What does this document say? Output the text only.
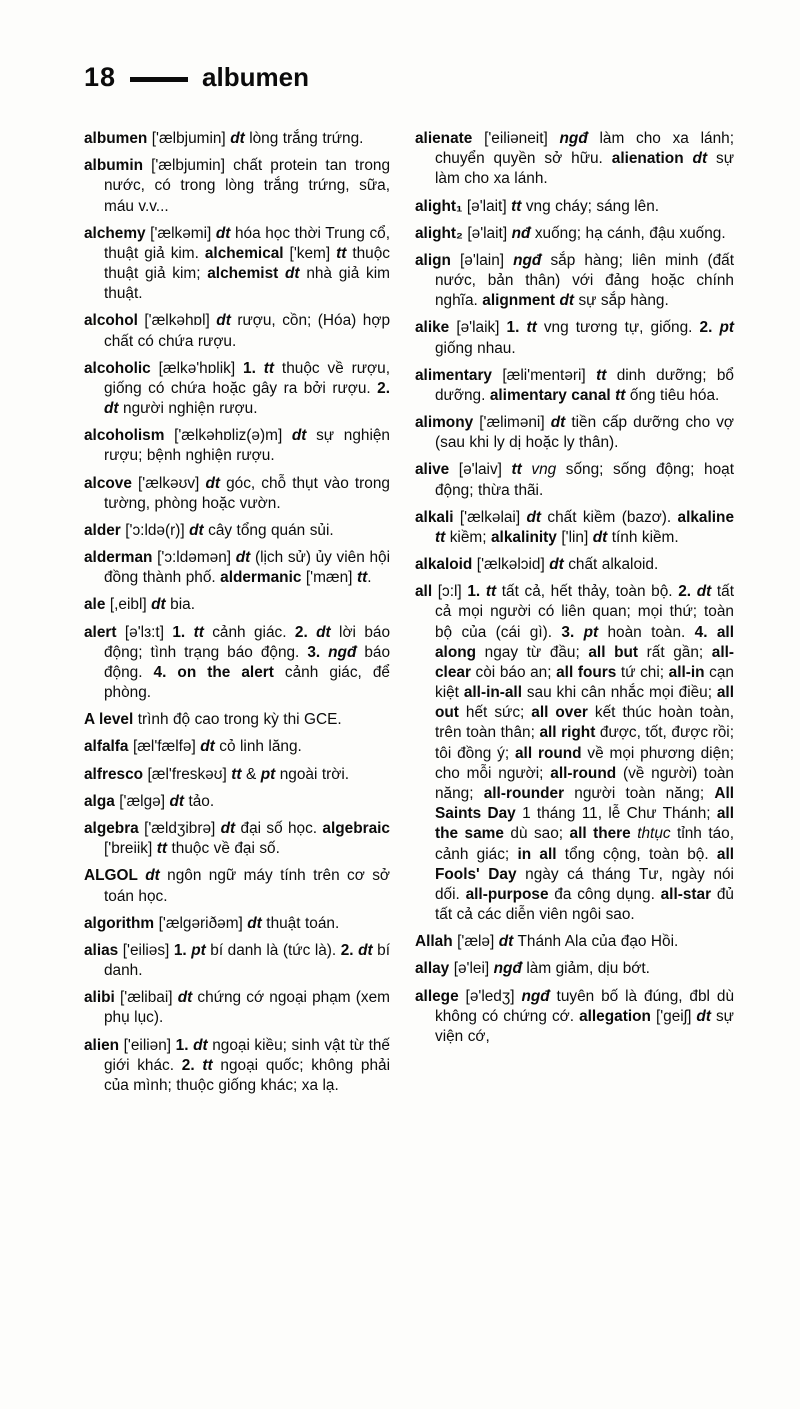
18	albumen
albumen ['ælbjumin] dt lòng trắng trứng.
albumin ['ælbjumin] chất protein tan trong nước, có trong lòng trắng trứng, sữa, máu v.v...
alchemy ['ælkəmi] dt hóa học thời Trung cổ, thuật giả kim. alchemical ['kem] tt thuộc thuật giả kim; alchemist dt nhà giả kim thuật.
alcohol ['ælkəhɒl] dt rượu, cồn; (Hóa) hợp chất có chứa rượu.
alcoholic [ælkə'hɒlik] 1. tt thuộc về rượu, giống có chứa hoặc gây ra bởi rượu. 2. dt người nghiện rượu.
alcoholism ['ælkəhɒliz(ə)m] dt sự nghiện rượu; bệnh nghiện rượu.
alcove ['ælkəʊv] dt góc, chỗ thụt vào trong tường, phòng hoặc vườn.
alder ['ɔ:ldə(r)] dt cây tổng quán sủi.
alderman ['ɔ:ldəmən] dt (lịch sử) ủy viên hội đồng thành phố. aldermanic ['mæn] tt.
ale [,eibl] dt bia.
alert [ə'lɜ:t] 1. tt cảnh giác. 2. dt lời báo động; tình trạng báo động. 3. ngđ báo động. 4. on the alert cảnh giác, để phòng.
A level trình độ cao trong kỳ thi GCE.
alfalfa [æl'fælfə] dt cỏ linh lăng.
alfresco [æl'freskəʊ] tt & pt ngoài trời.
alga ['ælgə] dt tảo.
algebra ['ældʒibrə] dt đại số học. algebraic ['breiik] tt thuộc về đại số.
ALGOL dt ngôn ngữ máy tính trên cơ sở toán học.
algorithm ['ælgəriðəm] dt thuật toán.
alias ['eiliəs] 1. pt bí danh là (tức là). 2. dt bí danh.
alibi ['ælibai] dt chứng cớ ngoại phạm (xem phụ lục).
alien ['eiliən] 1. dt ngoại kiều; sinh vật từ thế giới khác. 2. tt ngoại quốc; không phải của mình; thuộc giống khác; xa lạ.
alienate ['eiliəneit] ngđ làm cho xa lánh; chuyển quyền sở hữu. alienation dt sự làm cho xa lánh.
alight₁ [ə'lait] tt vng cháy; sáng lên.
alight₂ [ə'lait] nđ xuống; hạ cánh, đậu xuống.
align [ə'lain] ngđ sắp hàng; liên minh (đất nước, bản thân) với đảng hoặc chính nghĩa. alignment dt sự sắp hàng.
alike [ə'laik] 1. tt vng tương tự, giống. 2. pt giống nhau.
alimentary [æli'mentəri] tt dinh dưỡng; bổ dưỡng. alimentary canal tt ống tiêu hóa.
alimony ['æliməni] dt tiền cấp dưỡng cho vợ (sau khi ly dị hoặc ly thân).
alive [ə'laiv] tt vng sống; sống động; hoạt động; thừa thãi.
alkali ['ælkəlai] dt chất kiềm (bazơ). alkaline tt kiềm; alkalinity ['lin] dt tính kiềm.
alkaloid ['ælkəlɔid] dt chất alkaloid.
all [ɔ:l] 1. tt tất cả, hết thảy, toàn bộ. 2. dt tất cả mọi người có liên quan; mọi thứ; toàn bộ của (cái gì). 3. pt hoàn toàn. 4. all along ngay từ đầu; all but rất gần; all-clear còi báo an; all fours tứ chi; all-in cạn kiệt all-in-all sau khi cân nhắc mọi điều; all out hết sức; all over kết thúc hoàn toàn, trên toàn thân; all right được, tốt, được rồi; tôi đồng ý; all round về mọi phương diện; cho mỗi người; all-round (về người) toàn năng; all-rounder người toàn năng; All Saints Day 1 tháng 11, lễ Chư Thánh; all the same dù sao; all there thtục tỉnh táo, cảnh giác; in all tổng cộng, toàn bộ. all Fools' Day ngày cá tháng Tư, ngày nói dối. all-purpose đa công dụng. all-star đủ tất cả các diễn viên ngôi sao.
Allah ['ælə] dt Thánh Ala của đạo Hồi.
allay [ə'lei] ngđ làm giảm, dịu bớt.
allege [ə'ledʒ] ngđ tuyên bố là đúng, đbl dù không có chứng cớ. allegation ['geiʃ] dt sự viện cớ,
